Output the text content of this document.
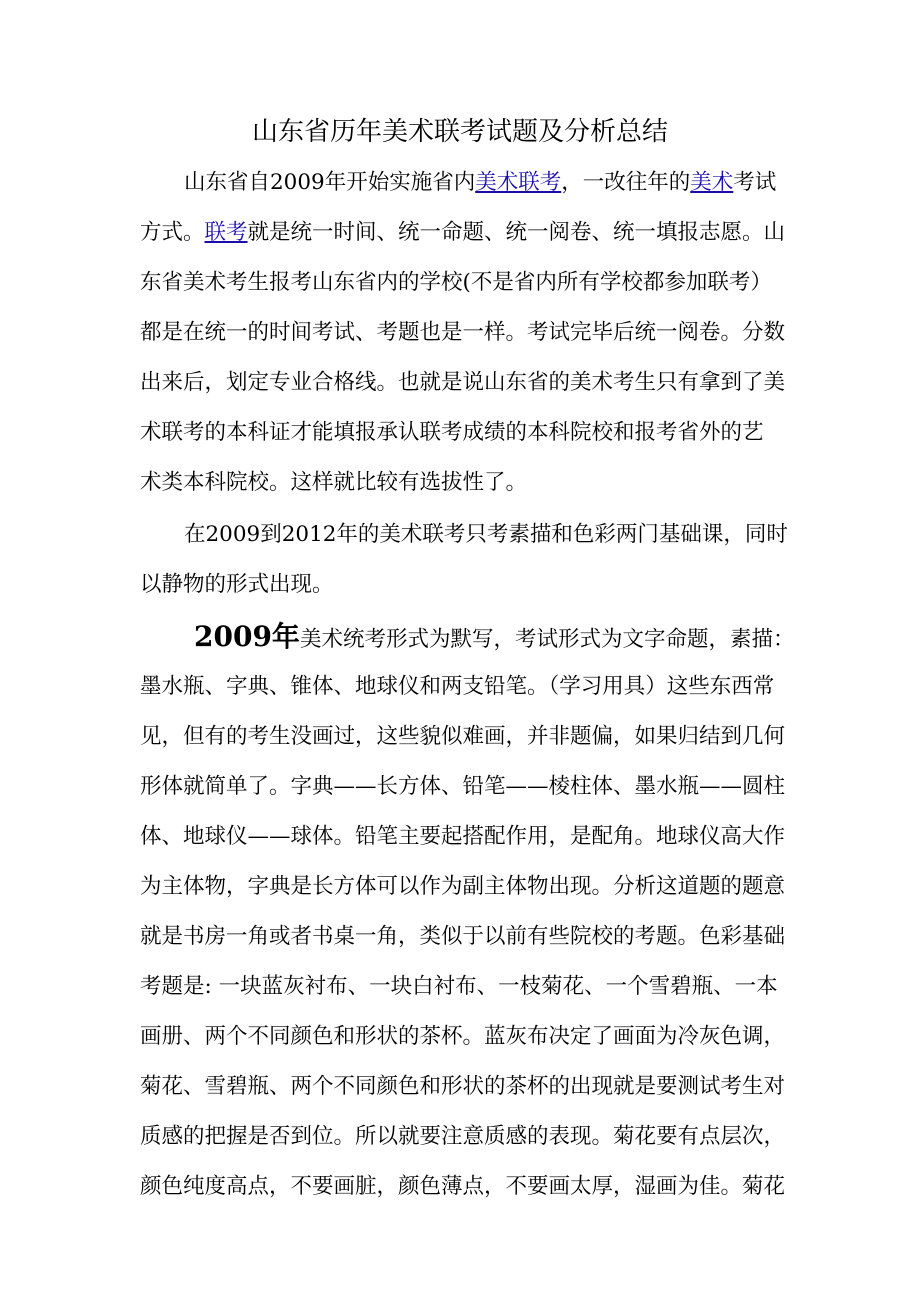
山东省历年美术联考试题及分析总结
山东省自2009年开始实施省内美术联考，一改往年的美术考试
方式。联考就是统一时间、统一命题、统一阅卷、统一填报志愿。山
东省美术考生报考山东省内的学校(不是省内所有学校都参加联考）
都是在统一的时间考试、考题也是一样。考试完毕后统一阅卷。分数
出来后，划定专业合格线。也就是说山东省的美术考生只有拿到了美
术联考的本科证才能填报承认联考成绩的本科院校和报考省外的艺
术类本科院校。这样就比较有选拔性了。
在2009到2012年的美术联考只考素描和色彩两门基础课，同时
以静物的形式出现。
2009年美术统考形式为默写，考试形式为文字命题，素描：
墨水瓶、字典、锥体、地球仪和两支铅笔。（学习用具）这些东西常
见，但有的考生没画过，这些貌似难画，并非题偏，如果归结到几何
形体就简单了。字典——长方体、铅笔——棱柱体、墨水瓶——圆柱
体、地球仪——球体。铅笔主要起搭配作用，是配角。地球仪高大作
为主体物，字典是长方体可以作为副主体物出现。分析这道题的题意
就是书房一角或者书桌一角，类似于以前有些院校的考题。色彩基础
考题是: 一块蓝灰衬布、一块白衬布、一枝菊花、一个雪碧瓶、一本
画册、两个不同颜色和形状的茶杯。蓝灰布决定了画面为冷灰色调，
菊花、雪碧瓶、两个不同颜色和形状的茶杯的出现就是要测试考生对
质感的把握是否到位。所以就要注意质感的表现。菊花要有点层次，
颜色纯度高点，不要画脏，颜色薄点，不要画太厚，湿画为佳。菊花
